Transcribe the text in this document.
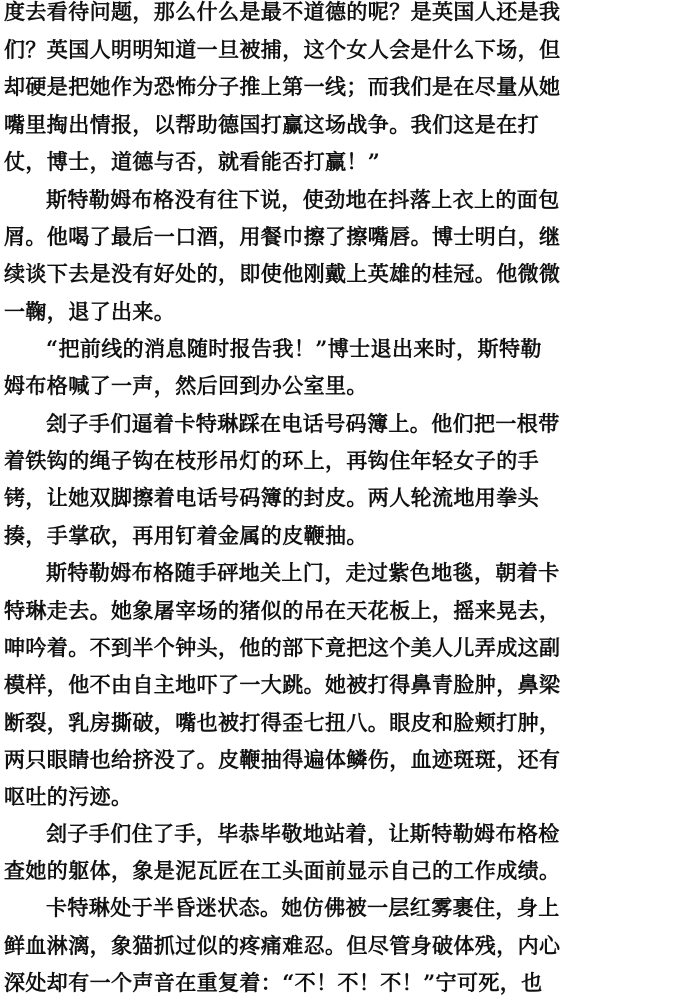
度去看待问题，那么什么是最不道德的呢？是英国人还是我
们？英国人明明知道一旦被捕，这个女人会是什么下场，但
却硬是把她作为恐怖分子推上第一线；而我们是在尽量从她
嘴里掏出情报，以帮助德国打赢这场战争。我们这是在打
仗，博士，道德与否，就看能否打赢！”
斯特勒姆布格没有往下说，使劲地在抖落上衣上的面包
屑。他喝了最后一口酒，用餐巾擦了擦嘴唇。博士明白，继
续谈下去是没有好处的，即使他刚戴上英雄的桂冠。他微微
一鞠，退了出来。
“把前线的消息随时报告我！”博士退出来时，斯特勒
姆布格喊了一声，然后回到办公室里。
刽子手们逼着卡特琳踩在电话号码簿上。他们把一根带
着铁钩的绳子钩在枝形吊灯的环上，再钩住年轻女子的手
铐，让她双脚擦着电话号码簿的封皮。两人轮流地用拳头
揍，手掌砍，再用钉着金属的皮鞭抽。
斯特勒姆布格随手砰地关上门，走过紫色地毯，朝着卡
特琳走去。她象屠宰场的猪似的吊在天花板上，摇来晃去，
呻吟着。不到半个钟头，他的部下竟把这个美人儿弄成这副
模样，他不由自主地吓了一大跳。她被打得鼻青脸肿，鼻梁
断裂，乳房撕破，嘴也被打得歪七扭八。眼皮和脸颊打肿，
两只眼睛也给挤没了。皮鞭抽得遍体鳞伤，血迹斑斑，还有
呕吐的污迹。
刽子手们住了手，毕恭毕敬地站着，让斯特勒姆布格检
查她的躯体，象是泥瓦匠在工头面前显示自己的工作成绩。
卡特琳处于半昏迷状态。她仿佛被一层红雾裹住，身上
鲜血淋漓，象猫抓过似的疼痛难忍。但尽管身破体残，内心
深处却有一个声音在重复着：“不！不！不！”宁可死，也
